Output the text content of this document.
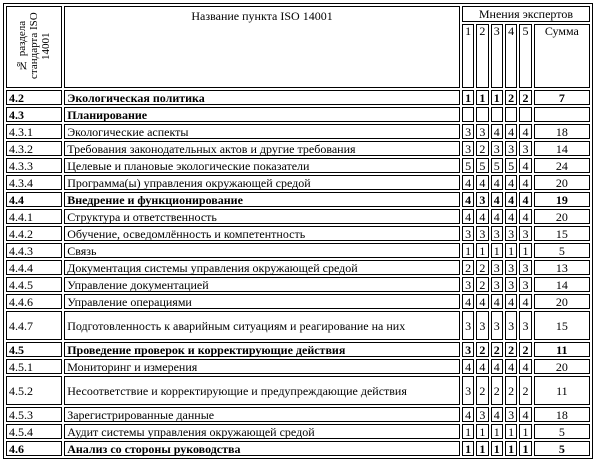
№ раздела стандарта ISO 14001	Название пункта ISO 14001	Мнения экспертов					
		1	2	3	4	5	Сумма
4.2	Экологическая политика	1	1	1	2	2	7
4.3	Планирование						
4.3.1	Экологические аспекты	3	3	4	4	4	18
4.3.2	Требования законодательных актов и другие требования	3	2	3	3	3	14
4.3.3	Целевые и плановые экологические показатели	5	5	5	5	4	24
4.3.4	Программа(ы) управления окружающей средой	4	4	4	4	4	20
4.4	Внедрение и функционирование	4	3	4	4	4	19
4.4.1	Структура и ответственность	4	4	4	4	4	20
4.4.2	Обучение, осведомлённость и компетентность	3	3	3	3	3	15
4.4.3	Связь	1	1	1	1	1	5
4.4.4	Документация системы управления окружающей средой	2	2	3	3	3	13
4.4.5	Управление документацией	3	2	3	3	3	14
4.4.6	Управление операциями	4	4	4	4	4	20
4.4.7	Подготовленность к аварийным ситуациям и реагирование на них	3	3	3	3	3	15
4.5	Проведение проверок и корректирующие действия	3	2	2	2	2	11
4.5.1	Мониторинг и измерения	4	4	4	4	4	20
4.5.2	Несоответствие и корректирующие и предупреждающие действия	3	2	2	2	2	11
4.5.3	Зарегистрированные данные	4	3	4	3	4	18
4.5.4	Аудит системы управления окружающей средой	1	1	1	1	1	5
4.6	Анализ со стороны руководства	1	1	1	1	1	5
